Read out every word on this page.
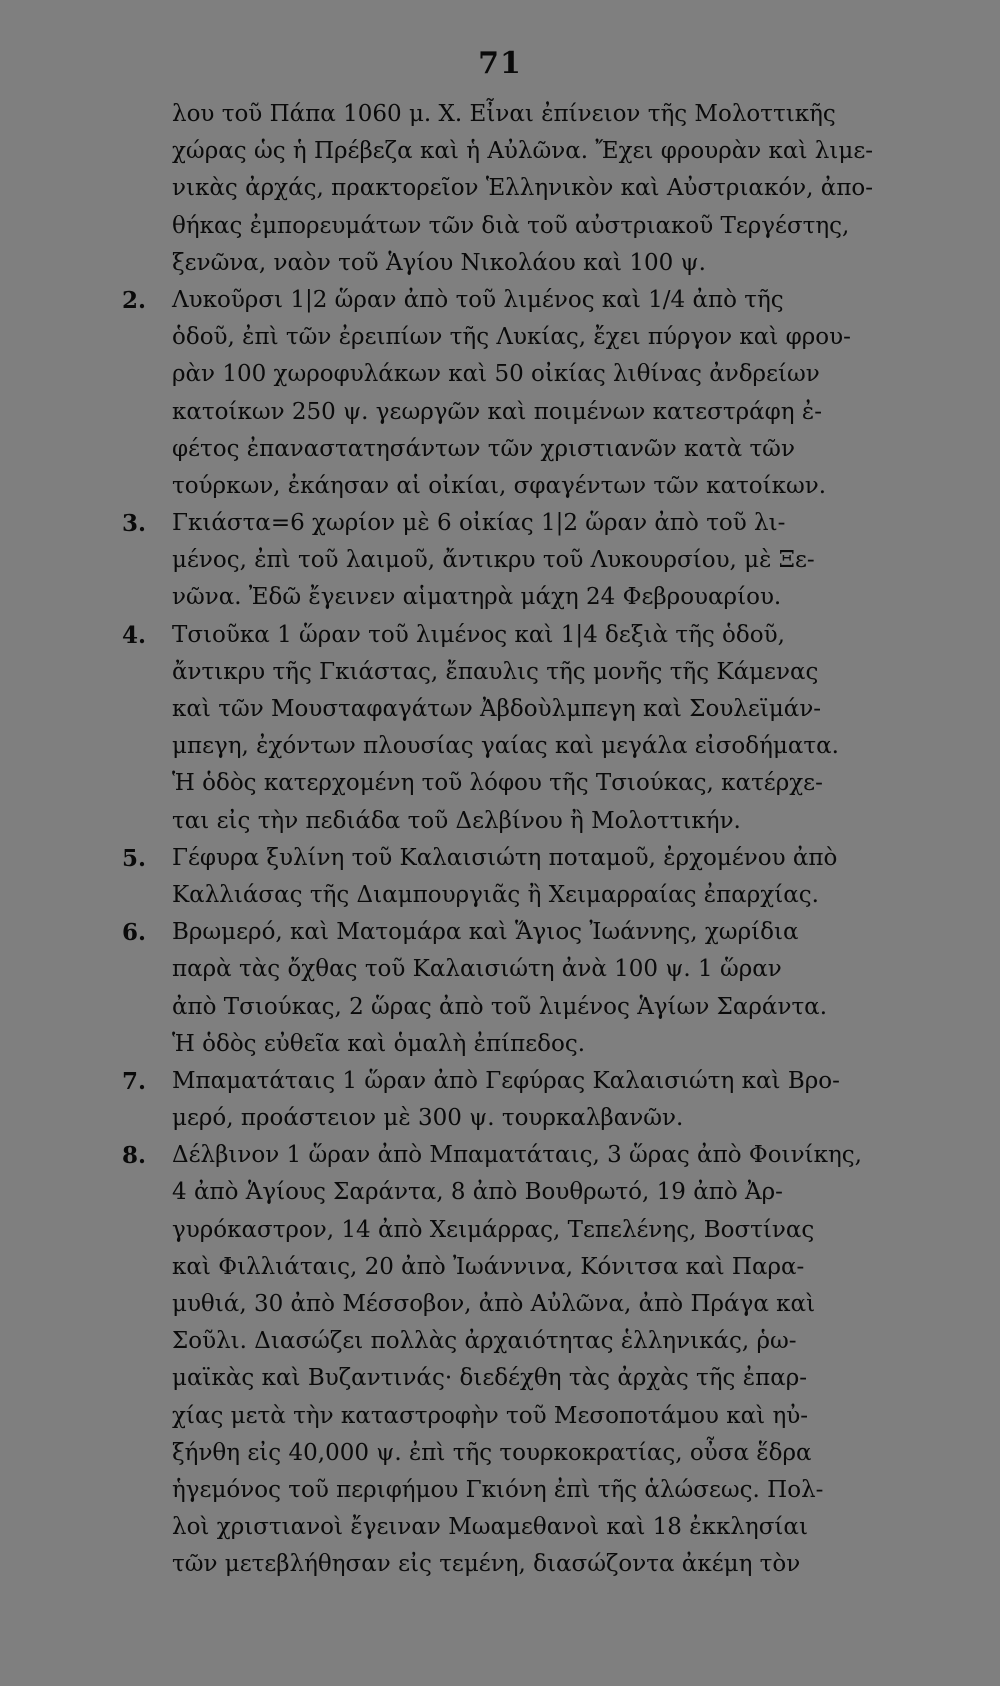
71
λου τοῦ Πάπα 1060 μ. Χ. Εἶναι ἐπίνειον τῆς Μολοττικῆς
χώρας ὡς ἡ Πρέβεζα καὶ ἡ Αὐλῶνα. Ἔχει φρουρὰν καὶ λιμε-
νικὰς ἀρχάς, πρακτορεῖον Ἑλληνικὸν καὶ Αὐστριακόν, ἀπο-
θήκας ἐμπορευμάτων τῶν διὰ τοῦ αὐστριακοῦ Τεργέστης,
ξενῶνα, ναὸν τοῦ Ἁγίου Νικολάου καὶ 100 ψ.
2. Λυκοῦρσι 1|2 ὥραν ἀπὸ τοῦ λιμένος καὶ 1/4 ἀπὸ τῆς
ὁδοῦ, ἐπὶ τῶν ἐρειπίων τῆς Λυκίας, ἔχει πύργον καὶ φρου-
ρὰν 100 χωροφυλάκων καὶ 50 οἰκίας λιθίνας ἀνδρείων
κατοίκων 250 ψ. γεωργῶν καὶ ποιμένων κατεστράφη ἐ-
φέτος ἐπαναστατησάντων τῶν χριστιανῶν κατὰ τῶν
τούρκων, ἐκάησαν αἱ οἰκίαι, σφαγέντων τῶν κατοίκων.
3. Γκιάστα=6 χωρίον μὲ 6 οἰκίας 1|2 ὥραν ἀπὸ τοῦ λι-
μένος, ἐπὶ τοῦ λαιμοῦ, ἄντικρυ τοῦ Λυκουρσίου, μὲ Ξε-
νῶνα. Ἐδῶ ἔγεινεν αἱματηρὰ μάχη 24 Φεβρουαρίου.
4. Τσιοῦκα 1 ὥραν τοῦ λιμένος καὶ 1|4 δεξιὰ τῆς ὁδοῦ,
ἄντικρυ τῆς Γκιάστας, ἔπαυλις τῆς μονῆς τῆς Κάμενας
καὶ τῶν Μουσταφαγάτων Ἀβδοὺλμπεγη καὶ Σουλεϊμάν-
μπεγη, ἐχόντων πλουσίας γαίας καὶ μεγάλα εἰσοδήματα.
Ἡ ὁδὸς κατερχομένη τοῦ λόφου τῆς Τσιούκας, κατέρχε-
ται εἰς τὴν πεδιάδα τοῦ Δελβίνου ἢ Μολοττικήν.
5. Γέφυρα ξυλίνη τοῦ Καλαισιώτη ποταμοῦ, ἐρχομένου ἀπὸ
Καλλιάσας τῆς Διαμπουργιᾶς ἢ Χειμαρραίας ἐπαρχίας.
6. Βρωμερό, καὶ Ματομάρα καὶ Ἅγιος Ἰωάννης, χωρίδια
παρὰ τὰς ὄχθας τοῦ Καλαισιώτη ἀνὰ 100 ψ. 1 ὥραν
ἀπὸ Τσιούκας, 2 ὥρας ἀπὸ τοῦ λιμένος Ἁγίων Σαράντα.
Ἡ ὁδὸς εὐθεῖα καὶ ὁμαλὴ ἐπίπεδος.
7. Μπαματάταις 1 ὥραν ἀπὸ Γεφύρας Καλαισιώτη καὶ Βρο-
μερό, προάστειον μὲ 300 ψ. τουρκαλβανῶν.
8. Δέλβινον 1 ὥραν ἀπὸ Μπαματάταις, 3 ὥρας ἀπὸ Φοινίκης,
4 ἀπὸ Ἁγίους Σαράντα, 8 ἀπὸ Βουθρωτό, 19 ἀπὸ Ἀρ-
γυρόκαστρον, 14 ἀπὸ Χειμάρρας, Τεπελένης, Βοστίνας
καὶ Φιλλιάταις, 20 ἀπὸ Ἰωάννινα, Κόνιτσα καὶ Παρα-
μυθιά, 30 ἀπὸ Μέσσοβον, ἀπὸ Αὐλῶνα, ἀπὸ Πράγα καὶ
Σοῦλι. Διασώζει πολλὰς ἀρχαιότητας ἑλληνικάς, ῥω-
μαϊκὰς καὶ Βυζαντινάς· διεδέχθη τὰς ἀρχὰς τῆς ἐπαρ-
χίας μετὰ τὴν καταστροφὴν τοῦ Μεσοποτάμου καὶ ηὐ-
ξήνθη εἰς 40,000 ψ. ἐπὶ τῆς τουρκοκρατίας, οὖσα ἕδρα
ἡγεμόνος τοῦ περιφήμου Γκιόνη ἐπὶ τῆς ἁλώσεως. Πολ-
λοὶ χριστιανοὶ ἔγειναν Μωαμεθανοὶ καὶ 18 ἐκκλησίαι
τῶν μετεβλήθησαν εἰς τεμένη, διασώζοντα ἀκέμη τὸν
